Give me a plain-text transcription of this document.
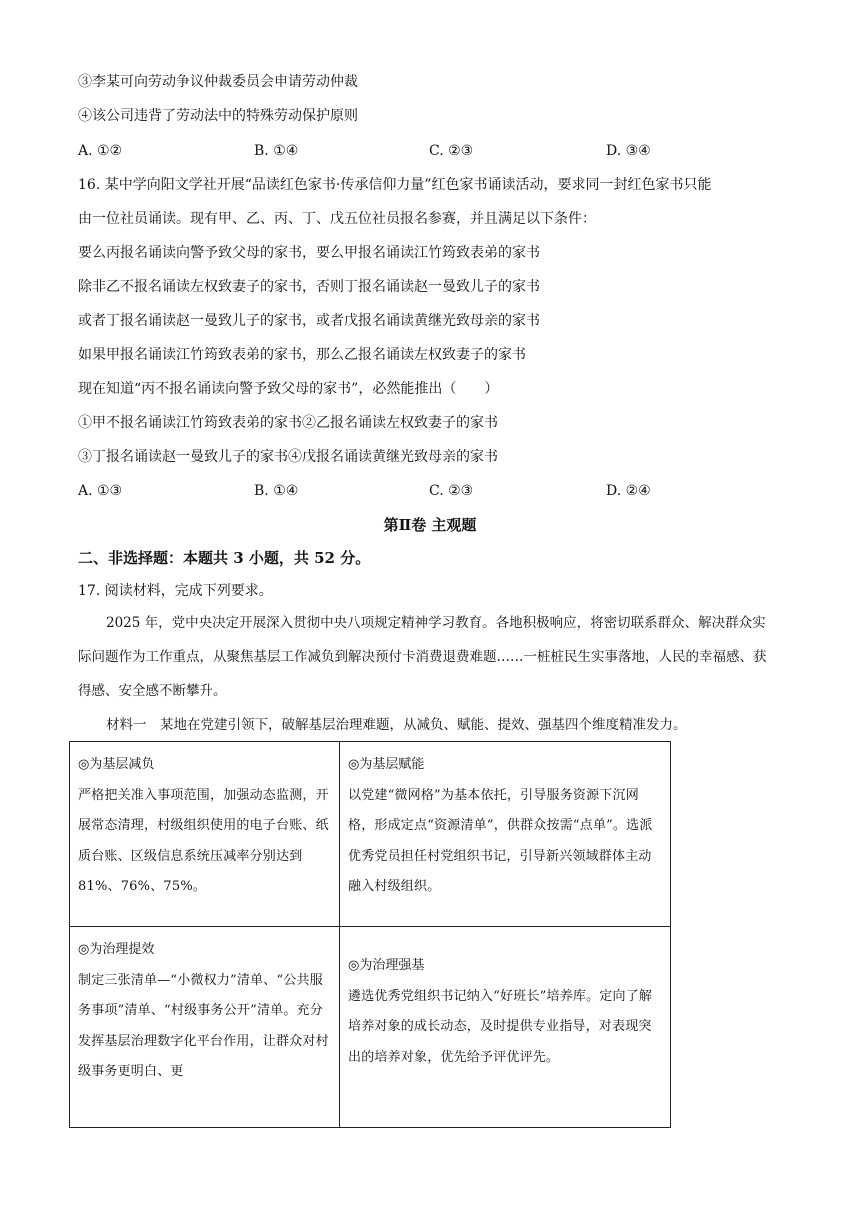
③李某可向劳动争议仲裁委员会申请劳动仲裁
④该公司违背了劳动法中的特殊劳动保护原则
A. ①②	B. ①④	C. ②③	D. ③④
16. 某中学向阳文学社开展“品读红色家书·传承信仰力量”红色家书诵读活动，要求同一封红色家书只能
由一位社员诵读。现有甲、乙、丙、丁、戊五位社员报名参赛，并且满足以下条件：
要么丙报名诵读向警予致父母的家书，要么甲报名诵读江竹筠致表弟的家书
除非乙不报名诵读左权致妻子的家书，否则丁报名诵读赵一曼致儿子的家书
或者丁报名诵读赵一曼致儿子的家书，或者戊报名诵读黄继光致母亲的家书
如果甲报名诵读江竹筠致表弟的家书，那么乙报名诵读左权致妻子的家书
现在知道“丙不报名诵读向警予致父母的家书”，必然能推出（　　）
①甲不报名诵读江竹筠致表弟的家书②乙报名诵读左权致妻子的家书
③丁报名诵读赵一曼致儿子的家书④戊报名诵读黄继光致母亲的家书
A. ①③	B. ①④	C. ②③	D. ②④
第Ⅱ卷 主观题
二、非选择题：本题共 3 小题，共 52 分。
17. 阅读材料，完成下列要求。
2025 年，党中央决定开展深入贯彻中央八项规定精神学习教育。各地积极响应，将密切联系群众、解决群众实际问题作为工作重点，从聚焦基层工作减负到解决预付卡消费退费难题……一桩桩民生实事落地，人民的幸福感、获得感、安全感不断攀升。
材料一　某地在党建引领下，破解基层治理难题，从减负、赋能、提效、强基四个维度精准发力。
◎为基层减负
严格把关准入事项范围，加强动态监测，开展常态清理，村级组织使用的电子台账、纸质台账、区级信息系统压减率分别达到 81%、76%、75%。	◎为基层赋能
以党建“微网格”为基本依托，引导服务资源下沉网格，形成定点“资源清单”，供群众按需“点单”。选派优秀党员担任村党组织书记，引导新兴领域群体主动融入村级组织。

◎为治理提效
制定三张清单—“小微权力”清单、“公共服务事项”清单、“村级事务公开”清单。充分发挥基层治理数字化平台作用，让群众对村级事务更明白、更	◎为治理强基
遴选优秀党组织书记纳入“好班长”培养库。定向了解培养对象的成长动态，及时提供专业指导，对表现突出的培养对象，优先给予评优评先。
